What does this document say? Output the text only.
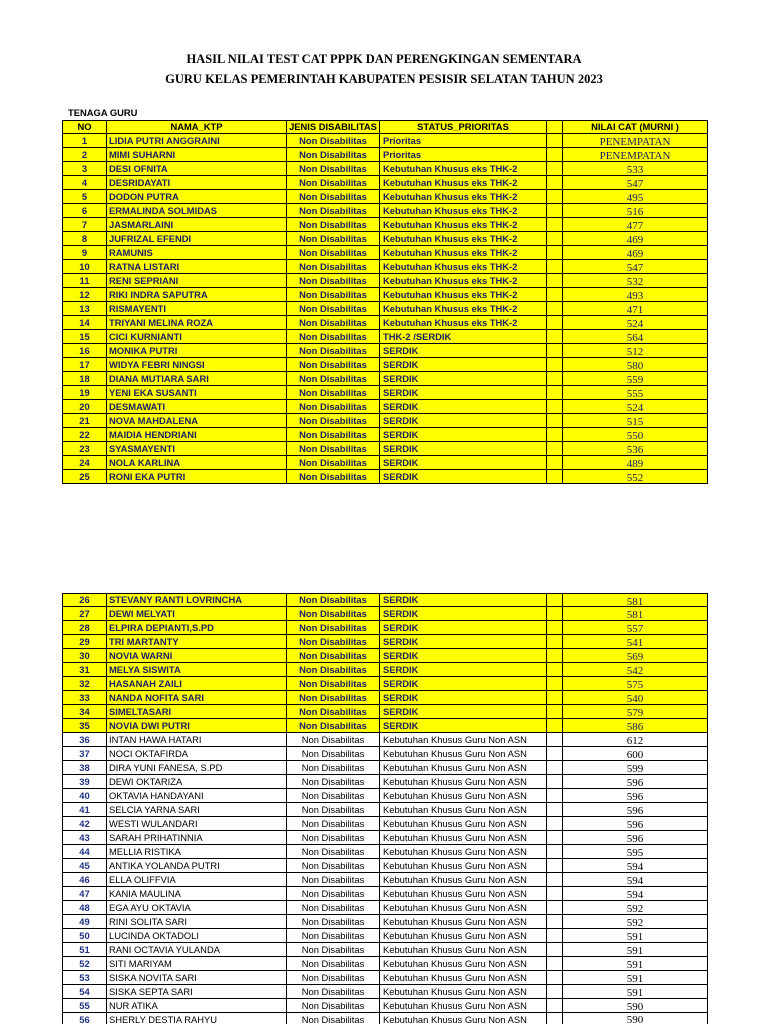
HASIL NILAI TEST CAT PPPK DAN PERENGKINGAN SEMENTARA
GURU KELAS PEMERINTAH KABUPATEN PESISIR SELATAN TAHUN 2023
TENAGA GURU
NO	NAMA_KTP	JENIS DISABILITAS	STATUS_PRIORITAS	NILAI CAT (MURNI )
1	LIDIA PUTRI ANGGRAINI	Non Disabilitas	Prioritas	PENEMPATAN
2	MIMI SUHARNI	Non Disabilitas	Prioritas	PENEMPATAN
3	DESI OFNITA	Non Disabilitas	Kebutuhan Khusus eks THK-2	533
4	DESRIDAYATI	Non Disabilitas	Kebutuhan Khusus eks THK-2	547
5	DODON PUTRA	Non Disabilitas	Kebutuhan Khusus eks THK-2	495
6	ERMALINDA SOLMIDAS	Non Disabilitas	Kebutuhan Khusus eks THK-2	516
7	JASMARLAINI	Non Disabilitas	Kebutuhan Khusus eks THK-2	477
8	JUFRIZAL EFENDI	Non Disabilitas	Kebutuhan Khusus eks THK-2	469
9	RAMUNIS	Non Disabilitas	Kebutuhan Khusus eks THK-2	469
10	RATNA LISTARI	Non Disabilitas	Kebutuhan Khusus eks THK-2	547
11	RENI SEPRIANI	Non Disabilitas	Kebutuhan Khusus eks THK-2	532
12	RIKI INDRA SAPUTRA	Non Disabilitas	Kebutuhan Khusus eks THK-2	493
13	RISMAYENTI	Non Disabilitas	Kebutuhan Khusus eks THK-2	471
14	TRIYANI MELINA ROZA	Non Disabilitas	Kebutuhan Khusus eks THK-2	524
15	CICI KURNIANTI	Non Disabilitas	THK-2 /SERDIK	564
16	MONIKA PUTRI	Non Disabilitas	SERDIK	512
17	WIDYA FEBRI NINGSI	Non Disabilitas	SERDIK	580
18	DIANA MUTIARA SARI	Non Disabilitas	SERDIK	559
19	YENI EKA SUSANTI	Non Disabilitas	SERDIK	555
20	DESMAWATI	Non Disabilitas	SERDIK	524
21	NOVA MAHDALENA	Non Disabilitas	SERDIK	515
22	MAIDIA HENDRIANI	Non Disabilitas	SERDIK	550
23	SYASMAYENTI	Non Disabilitas	SERDIK	536
24	NOLA KARLINA	Non Disabilitas	SERDIK	489
25	RONI EKA PUTRI	Non Disabilitas	SERDIK	552
26	STEVANY RANTI LOVRINCHA	Non Disabilitas	SERDIK	581
27	DEWI MELYATI	Non Disabilitas	SERDIK	581
28	ELPIRA DEPIANTI,S.PD	Non Disabilitas	SERDIK	557
29	TRI MARTANTY	Non Disabilitas	SERDIK	541
30	NOVIA WARNI	Non Disabilitas	SERDIK	569
31	MELYA SISWITA	Non Disabilitas	SERDIK	542
32	HASANAH ZAILI	Non Disabilitas	SERDIK	575
33	NANDA NOFITA SARI	Non Disabilitas	SERDIK	540
34	SIMELTASARI	Non Disabilitas	SERDIK	579
35	NOVIA DWI PUTRI	Non Disabilitas	SERDIK	586
36	INTAN HAWA HATARI	Non Disabilitas	Kebutuhan Khusus Guru Non ASN	612
37	NOCI OKTAFIRDA	Non Disabilitas	Kebutuhan Khusus Guru Non ASN	600
38	DIRA YUNI FANESA, S.PD	Non Disabilitas	Kebutuhan Khusus Guru Non ASN	599
39	DEWI OKTARIZA	Non Disabilitas	Kebutuhan Khusus Guru Non ASN	596
40	OKTAVIA HANDAYANI	Non Disabilitas	Kebutuhan Khusus Guru Non ASN	596
41	SELCIA YARNA SARI	Non Disabilitas	Kebutuhan Khusus Guru Non ASN	596
42	WESTI WULANDARI	Non Disabilitas	Kebutuhan Khusus Guru Non ASN	596
43	SARAH PRIHATINNIA	Non Disabilitas	Kebutuhan Khusus Guru Non ASN	596
44	MELLIA RISTIKA	Non Disabilitas	Kebutuhan Khusus Guru Non ASN	595
45	ANTIKA YOLANDA PUTRI	Non Disabilitas	Kebutuhan Khusus Guru Non ASN	594
46	ELLA OLIFFVIA	Non Disabilitas	Kebutuhan Khusus Guru Non ASN	594
47	KANIA MAULINA	Non Disabilitas	Kebutuhan Khusus Guru Non ASN	594
48	EGA AYU OKTAVIA	Non Disabilitas	Kebutuhan Khusus Guru Non ASN	592
49	RINI SOLITA SARI	Non Disabilitas	Kebutuhan Khusus Guru Non ASN	592
50	LUCINDA OKTADOLI	Non Disabilitas	Kebutuhan Khusus Guru Non ASN	591
51	RANI OCTAVIA YULANDA	Non Disabilitas	Kebutuhan Khusus Guru Non ASN	591
52	SITI MARIYAM	Non Disabilitas	Kebutuhan Khusus Guru Non ASN	591
53	SISKA NOVITA SARI	Non Disabilitas	Kebutuhan Khusus Guru Non ASN	591
54	SISKA SEPTA SARI	Non Disabilitas	Kebutuhan Khusus Guru Non ASN	591
55	NUR ATIKA	Non Disabilitas	Kebutuhan Khusus Guru Non ASN	590
56	SHERLY DESTIA RAHYU	Non Disabilitas	Kebutuhan Khusus Guru Non ASN	590
